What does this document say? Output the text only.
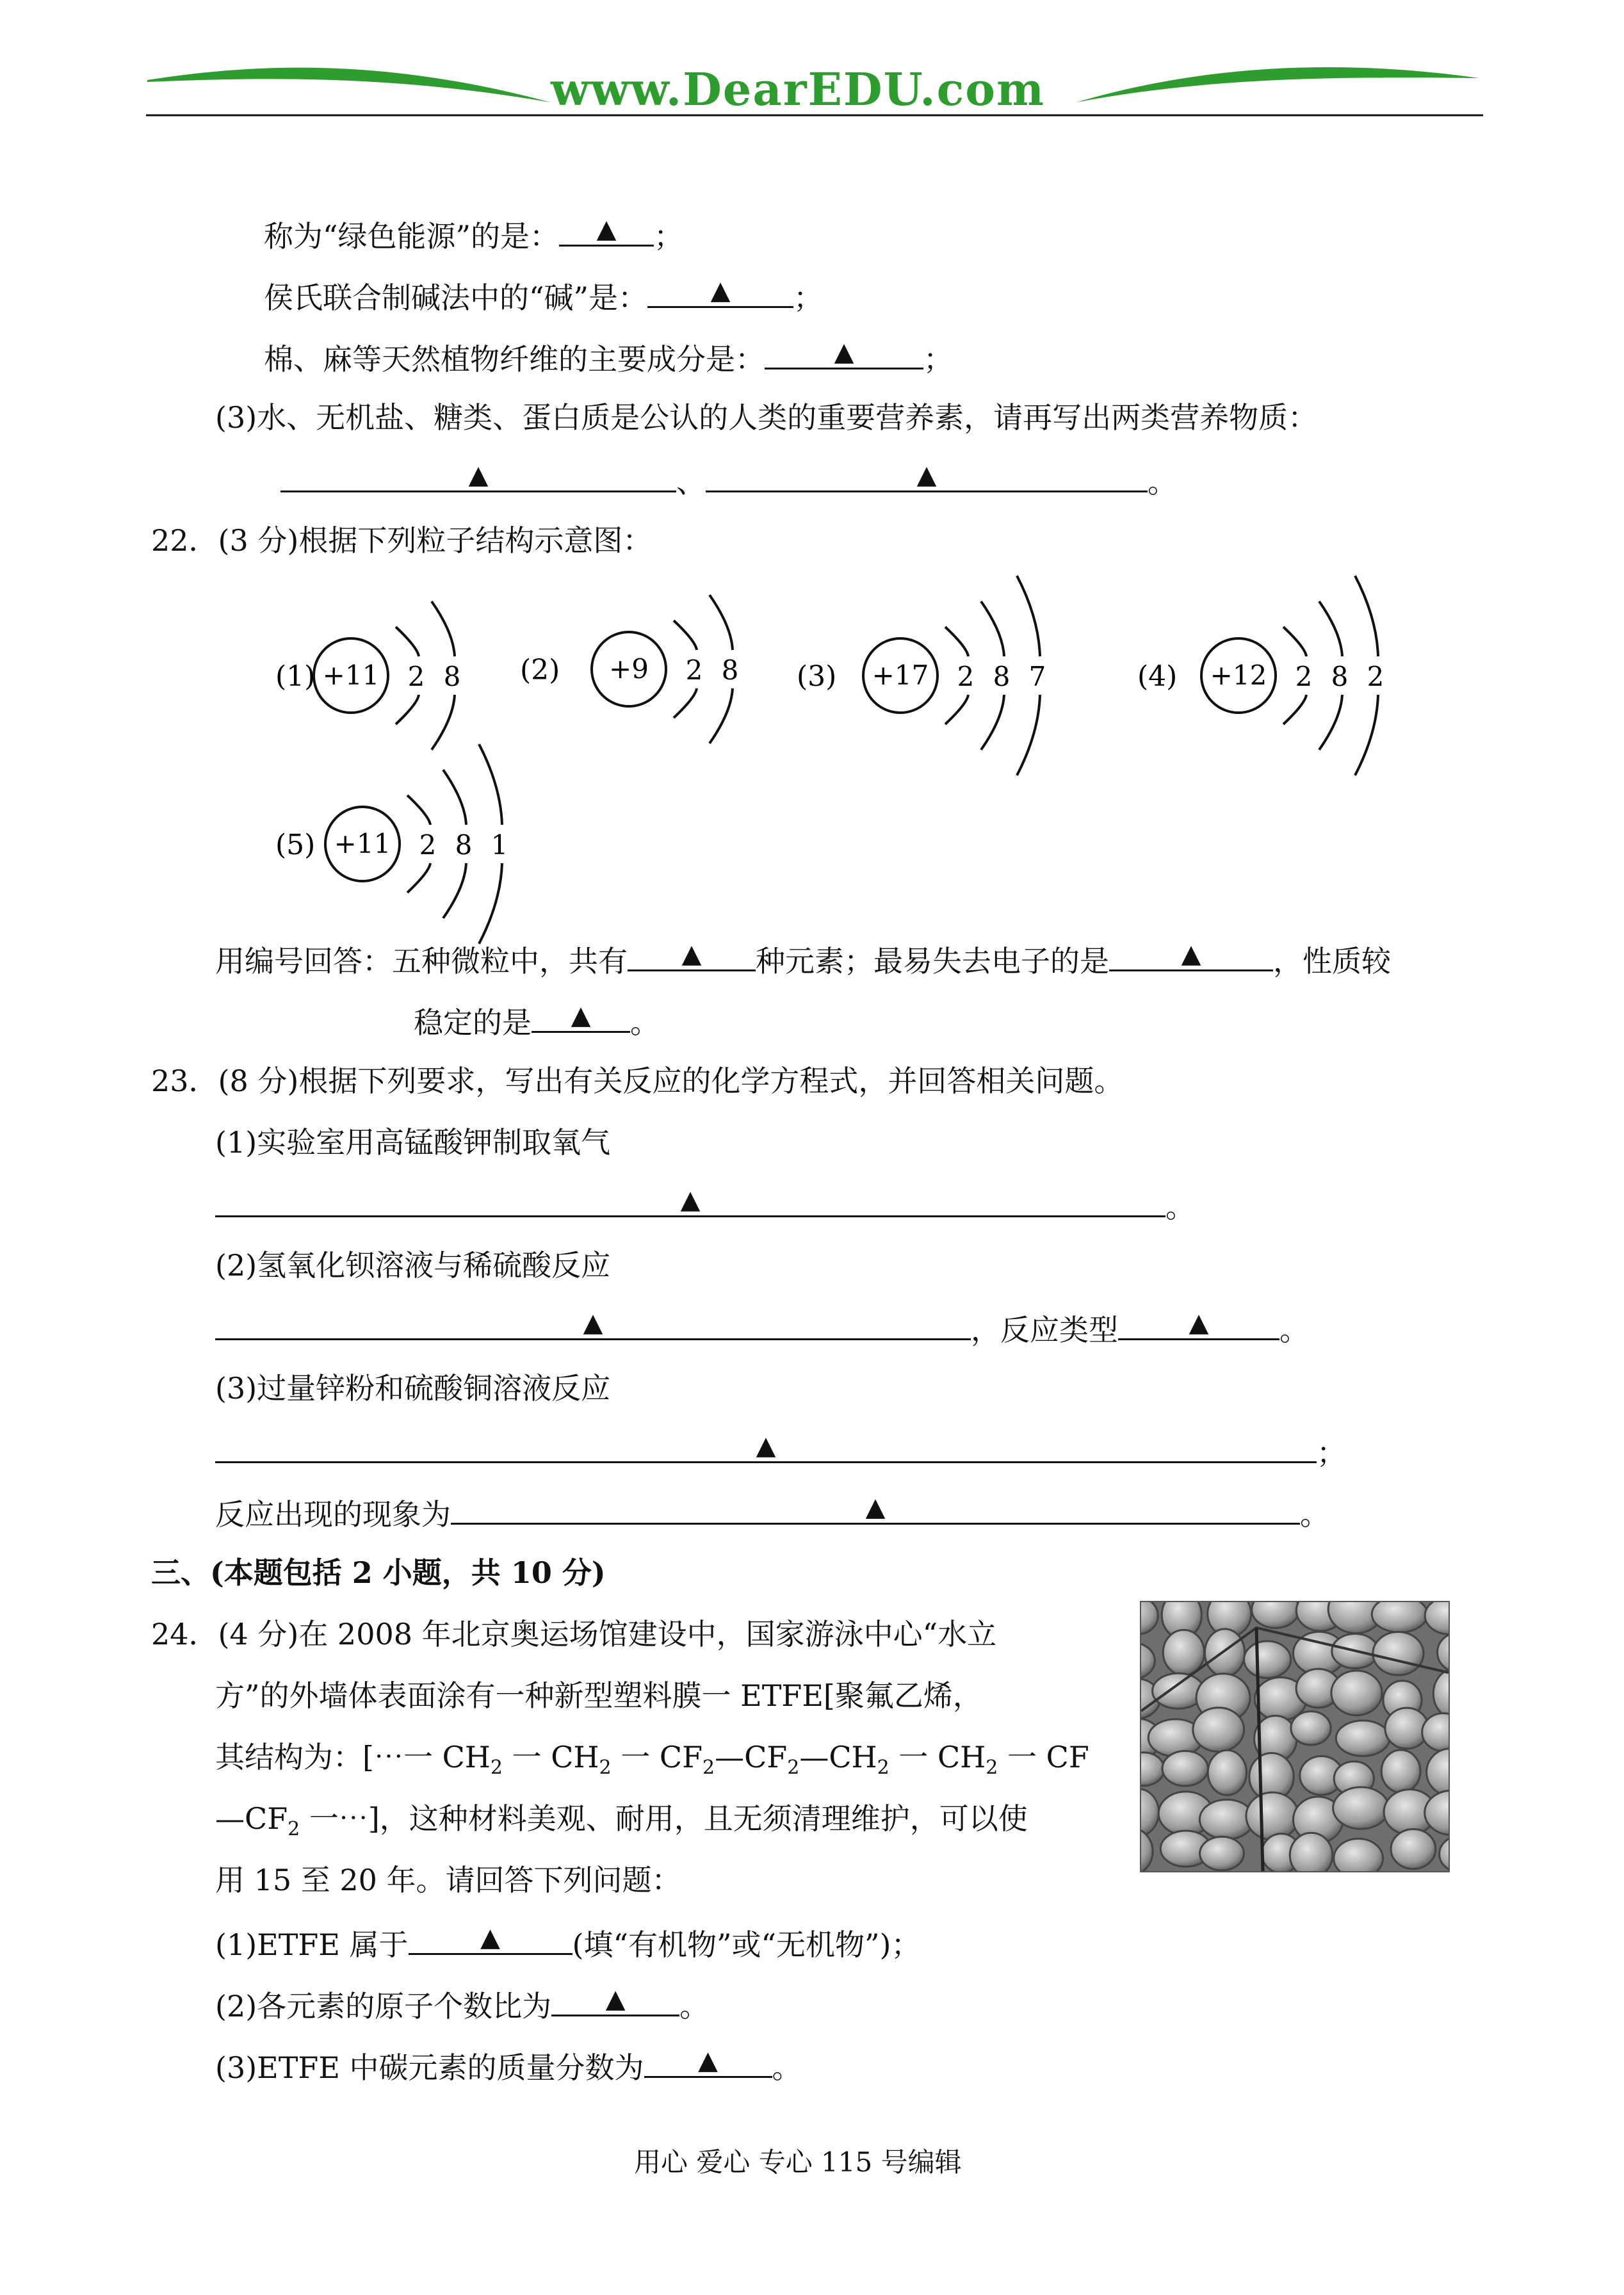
www.DearEDU.com
称为“绿色能源”的是：	▲	；
侯氏联合制碱法中的“碱”是：	▲	；
棉、麻等天然植物纤维的主要成分是：	▲	；
(3)水、无机盐、糖类、蛋白质是公认的人类的重要营养素，请再写出两类营养物质：
▲	、	▲	。
22．(3 分)根据下列粒子结构示意图：
(1) +11 2 8 (2) +9 2 8 (3) +17 2 8 7	(4) +12 2 8 2
(5) +11 2 8 1
用编号回答：五种微粒中，共有	▲	种元素；最易失去电子的是	▲	，性质较
稳定的是	▲	。
23．(8 分)根据下列要求，写出有关反应的化学方程式，并回答相关问题。
(1)实验室用高锰酸钾制取氧气
▲	。
(2)氢氧化钡溶液与稀硫酸反应
▲	，反应类型	▲	。
(3)过量锌粉和硫酸铜溶液反应
▲	；
反应出现的现象为	▲	。
三、(本题包括 2 小题，共 10 分)
24．(4 分)在 2008 年北京奥运场馆建设中，国家游泳中心“水立
方”的外墙体表面涂有一种新型塑料膜一 ETFE[聚氟乙烯，
其结构为：[⋯一 $CH_2$ 一 $CH_2$ 一 $CF_2—CF_2—CH_2$ 一 $CH_2$ 一 CF
$—CF_2$ 一⋯]，这种材料美观、耐用，且无须清理维护，可以使
用 15 至 20 年。请回答下列问题：
(1)ETFE 属于	▲	(填“有机物”或“无机物”)；
(2)各元素的原子个数比为	▲	。
(3)ETFE 中碳元素的质量分数为	▲	。
用心 爱心 专心 115 号编辑
